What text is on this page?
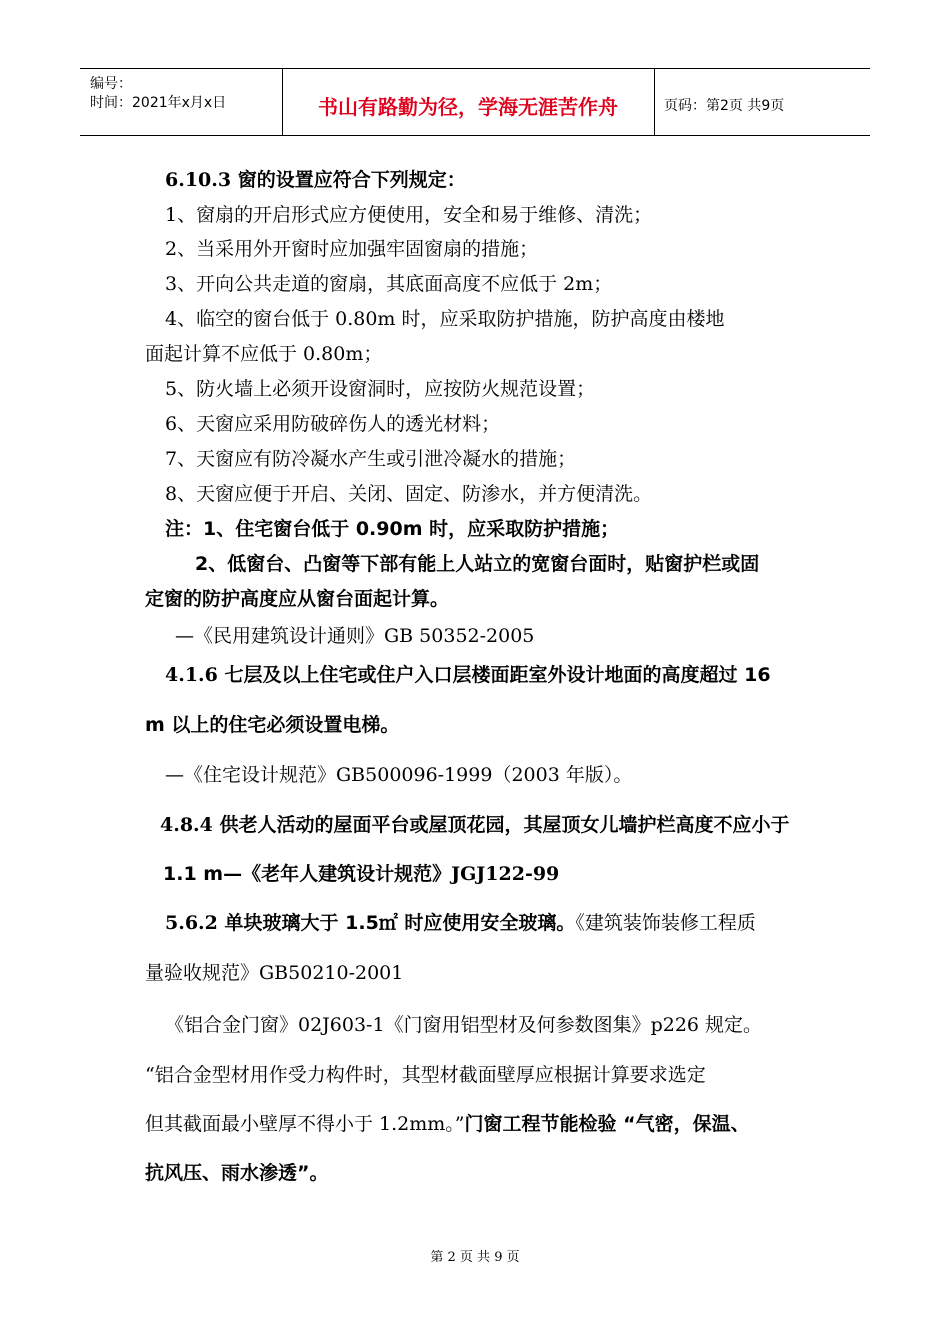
编号：
时间：2021年x月x日	书山有路勤为径，学海无涯苦作舟	页码：第2页 共9页
6.10.3 窗的设置应符合下列规定：
1、窗扇的开启形式应方便使用，安全和易于维修、清洗；
2、当采用外开窗时应加强牢固窗扇的措施；
3、开向公共走道的窗扇，其底面高度不应低于 2m；
4、临空的窗台低于 0.80m 时，应采取防护措施，防护高度由楼地
面起计算不应低于 0.80m；
5、防火墙上必须开设窗洞时，应按防火规范设置；
6、天窗应采用防破碎伤人的透光材料；
7、天窗应有防冷凝水产生或引泄冷凝水的措施；
8、天窗应便于开启、关闭、固定、防渗水，并方便清洗。
注：1、住宅窗台低于 0.90m 时，应采取防护措施；
2、低窗台、凸窗等下部有能上人站立的宽窗台面时，贴窗护栏或固
定窗的防护高度应从窗台面起计算。
—《民用建筑设计通则》GB 50352-2005
4.1.6 七层及以上住宅或住户入口层楼面距室外设计地面的高度超过 16
m 以上的住宅必须设置电梯。
—《住宅设计规范》GB500096-1999（2003 年版）。
4.8.4 供老人活动的屋面平台或屋顶花园，其屋顶女儿墙护栏高度不应小于
1.1 m—《老年人建筑设计规范》JGJ122-99
5.6.2 单块玻璃大于 1.5㎡ 时应使用安全玻璃。《建筑装饰装修工程质
量验收规范》GB50210-2001
《铝合金门窗》02J603-1《门窗用铝型材及何参数图集》p226 规定。
“铝合金型材用作受力构件时，其型材截面壁厚应根据计算要求选定
但其截面最小壁厚不得小于 1.2mm。”门窗工程节能检验 “气密，保温、
抗风压、雨水渗透”。
第 2 页 共 9 页
